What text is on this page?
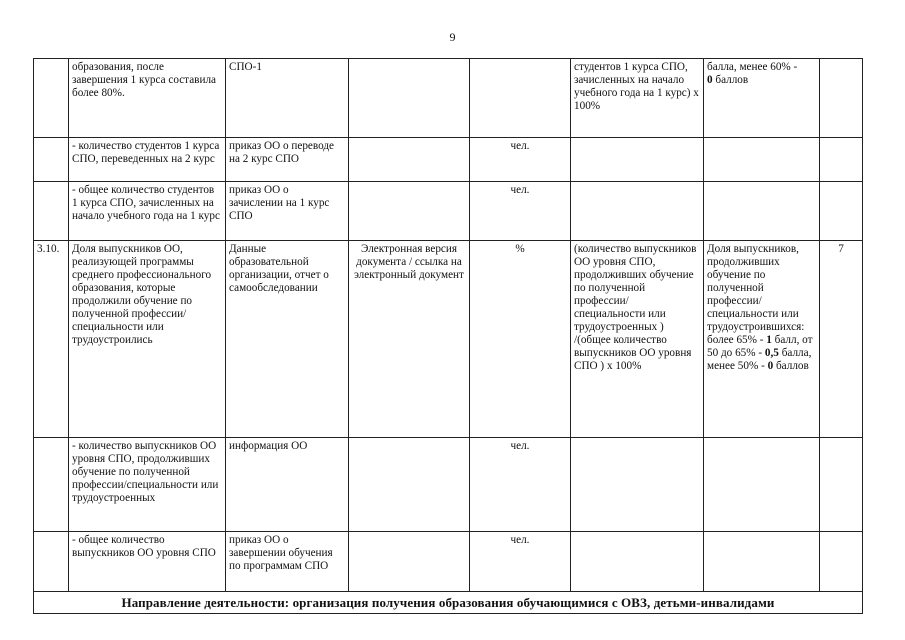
9
	образования, после завершения 1 курса составила более 80%.	СПО-1			студентов 1 курса СПО, зачисленных на начало учебного года на 1 курс) x 100%	балла, менее 60% -
0 баллов	
	- количество студентов 1 курса СПО, переведенных на 2 курс	приказ ОО о переводе на 2 курс СПО		чел.			
	- общее количество студентов 1 курса СПО, зачисленных на начало учебного года на 1 курс	приказ ОО о зачислении на 1 курс СПО		чел.			
3.10.	Доля выпускников ОО, реализующей программы среднего профессионального образования, которые продолжили обучение по полученной профессии/специальности или трудоустроились	Данные образовательной организации, отчет о самообследовании	Электронная версия документа / ссылка на электронный документ	%	(количество выпускников ОО уровня СПО, продолживших обучение по полученной профессии/специальности или трудоустроенных ) /(общее количество выпускников ОО уровня СПО ) x 100%	Доля выпускников, продолживших обучение по полученной профессии/специальности или трудоустроившихся: более 65% - 1 балл, от 50 до 65% - 0,5 балла, менее 50% - 0 баллов	7
	- количество выпускников ОО уровня СПО, продолживших обучение по полученной профессии/специальности или трудоустроенных	информация ОО		чел.			
	- общее количество выпускников ОО уровня СПО	приказ ОО о завершении обучения по программам СПО		чел.			
Направление деятельности: организация получения образования обучающимися с ОВЗ, детьми-инвалидами							
